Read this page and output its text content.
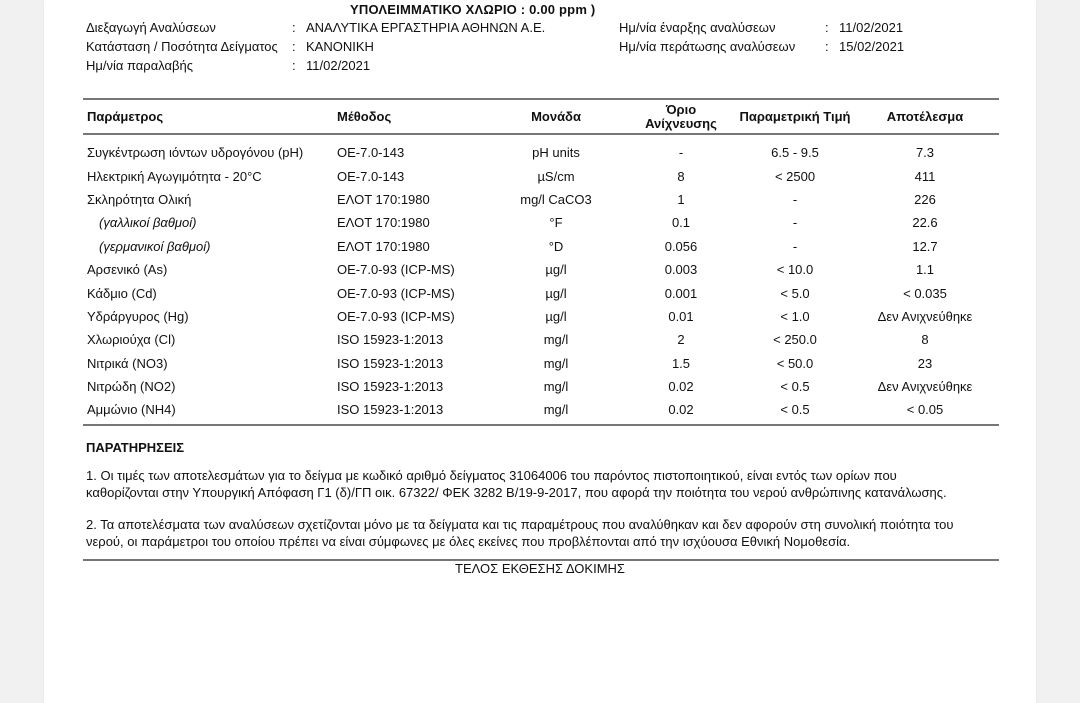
ΥΠΟΛΕΙΜΜΑΤΙΚΟ ΧΛΩΡΙΟ : 0.00 ppm )
Διεξαγωγή Αναλύσεων	: ΑΝΑΛΥΤΙΚΑ ΕΡΓΑΣΤΗΡΙΑ ΑΘΗΝΩΝ Α.Ε.
Κατάσταση / Ποσότητα Δείγματος	: ΚΑΝΟΝΙΚΗ
Ημ/νία παραλαβής	: 11/02/2021
Ημ/νία έναρξης αναλύσεων	: 11/02/2021
Ημ/νία περάτωσης αναλύσεων	: 15/02/2021
Παράμετρος	Μέθοδος	Μονάδα	Όριο
Ανίχνευσης	Παραμετρική Τιμή	Αποτέλεσμα
Συγκέντρωση ιόντων υδρογόνου (pH)	ΟΕ-7.0-143	pH units	-	6.5 - 9.5	7.3
Ηλεκτρική Αγωγιμότητα - 20°C	ΟΕ-7.0-143	µS/cm	8	< 2500	411
Σκληρότητα Ολική	ΕΛΟΤ 170:1980	mg/l CaCO3	1	-	226
(γαλλικοί βαθμοί)	ΕΛΟΤ 170:1980	°F	0.1	-	22.6
(γερμανικοί βαθμοί)	ΕΛΟΤ 170:1980	°D	0.056	-	12.7
Αρσενικό (As)	ΟΕ-7.0-93 (ICP-MS)	µg/l	0.003	< 10.0	1.1
Κάδμιο (Cd)	ΟΕ-7.0-93 (ICP-MS)	µg/l	0.001	< 5.0	< 0.035
Υδράργυρος (Hg)	ΟΕ-7.0-93 (ICP-MS)	µg/l	0.01	< 1.0	Δεν Ανιχνεύθηκε
Χλωριούχα (Cl)	ISO 15923-1:2013	mg/l	2	< 250.0	8
Νιτρικά (NO3)	ISO 15923-1:2013	mg/l	1.5	< 50.0	23
Νιτρώδη (NO2)	ISO 15923-1:2013	mg/l	0.02	< 0.5	Δεν Ανιχνεύθηκε
Αμμώνιο (NH4)	ISO 15923-1:2013	mg/l	0.02	< 0.5	< 0.05
ΠΑΡΑΤΗΡΗΣΕΙΣ
1. Οι τιμές των αποτελεσμάτων για το δείγμα με κωδικό αριθμό δείγματος 31064006 του παρόντος πιστοποιητικού, είναι εντός των ορίων που
καθορίζονται στην Υπουργική Απόφαση Γ1 (δ)/ΓΠ οικ. 67322/ ΦΕΚ 3282 Β/19-9-2017, που αφορά την ποιότητα του νερού ανθρώπινης κατανάλωσης.
2. Τα αποτελέσματα των αναλύσεων σχετίζονται μόνο με τα δείγματα και τις παραμέτρους που αναλύθηκαν και δεν αφορούν στη συνολική ποιότητα του
νερού, οι παράμετροι του οποίου πρέπει να είναι σύμφωνες με όλες εκείνες που προβλέπονται από την ισχύουσα Εθνική Νομοθεσία.
ΤΕΛΟΣ ΕΚΘΕΣΗΣ ΔΟΚΙΜΗΣ
